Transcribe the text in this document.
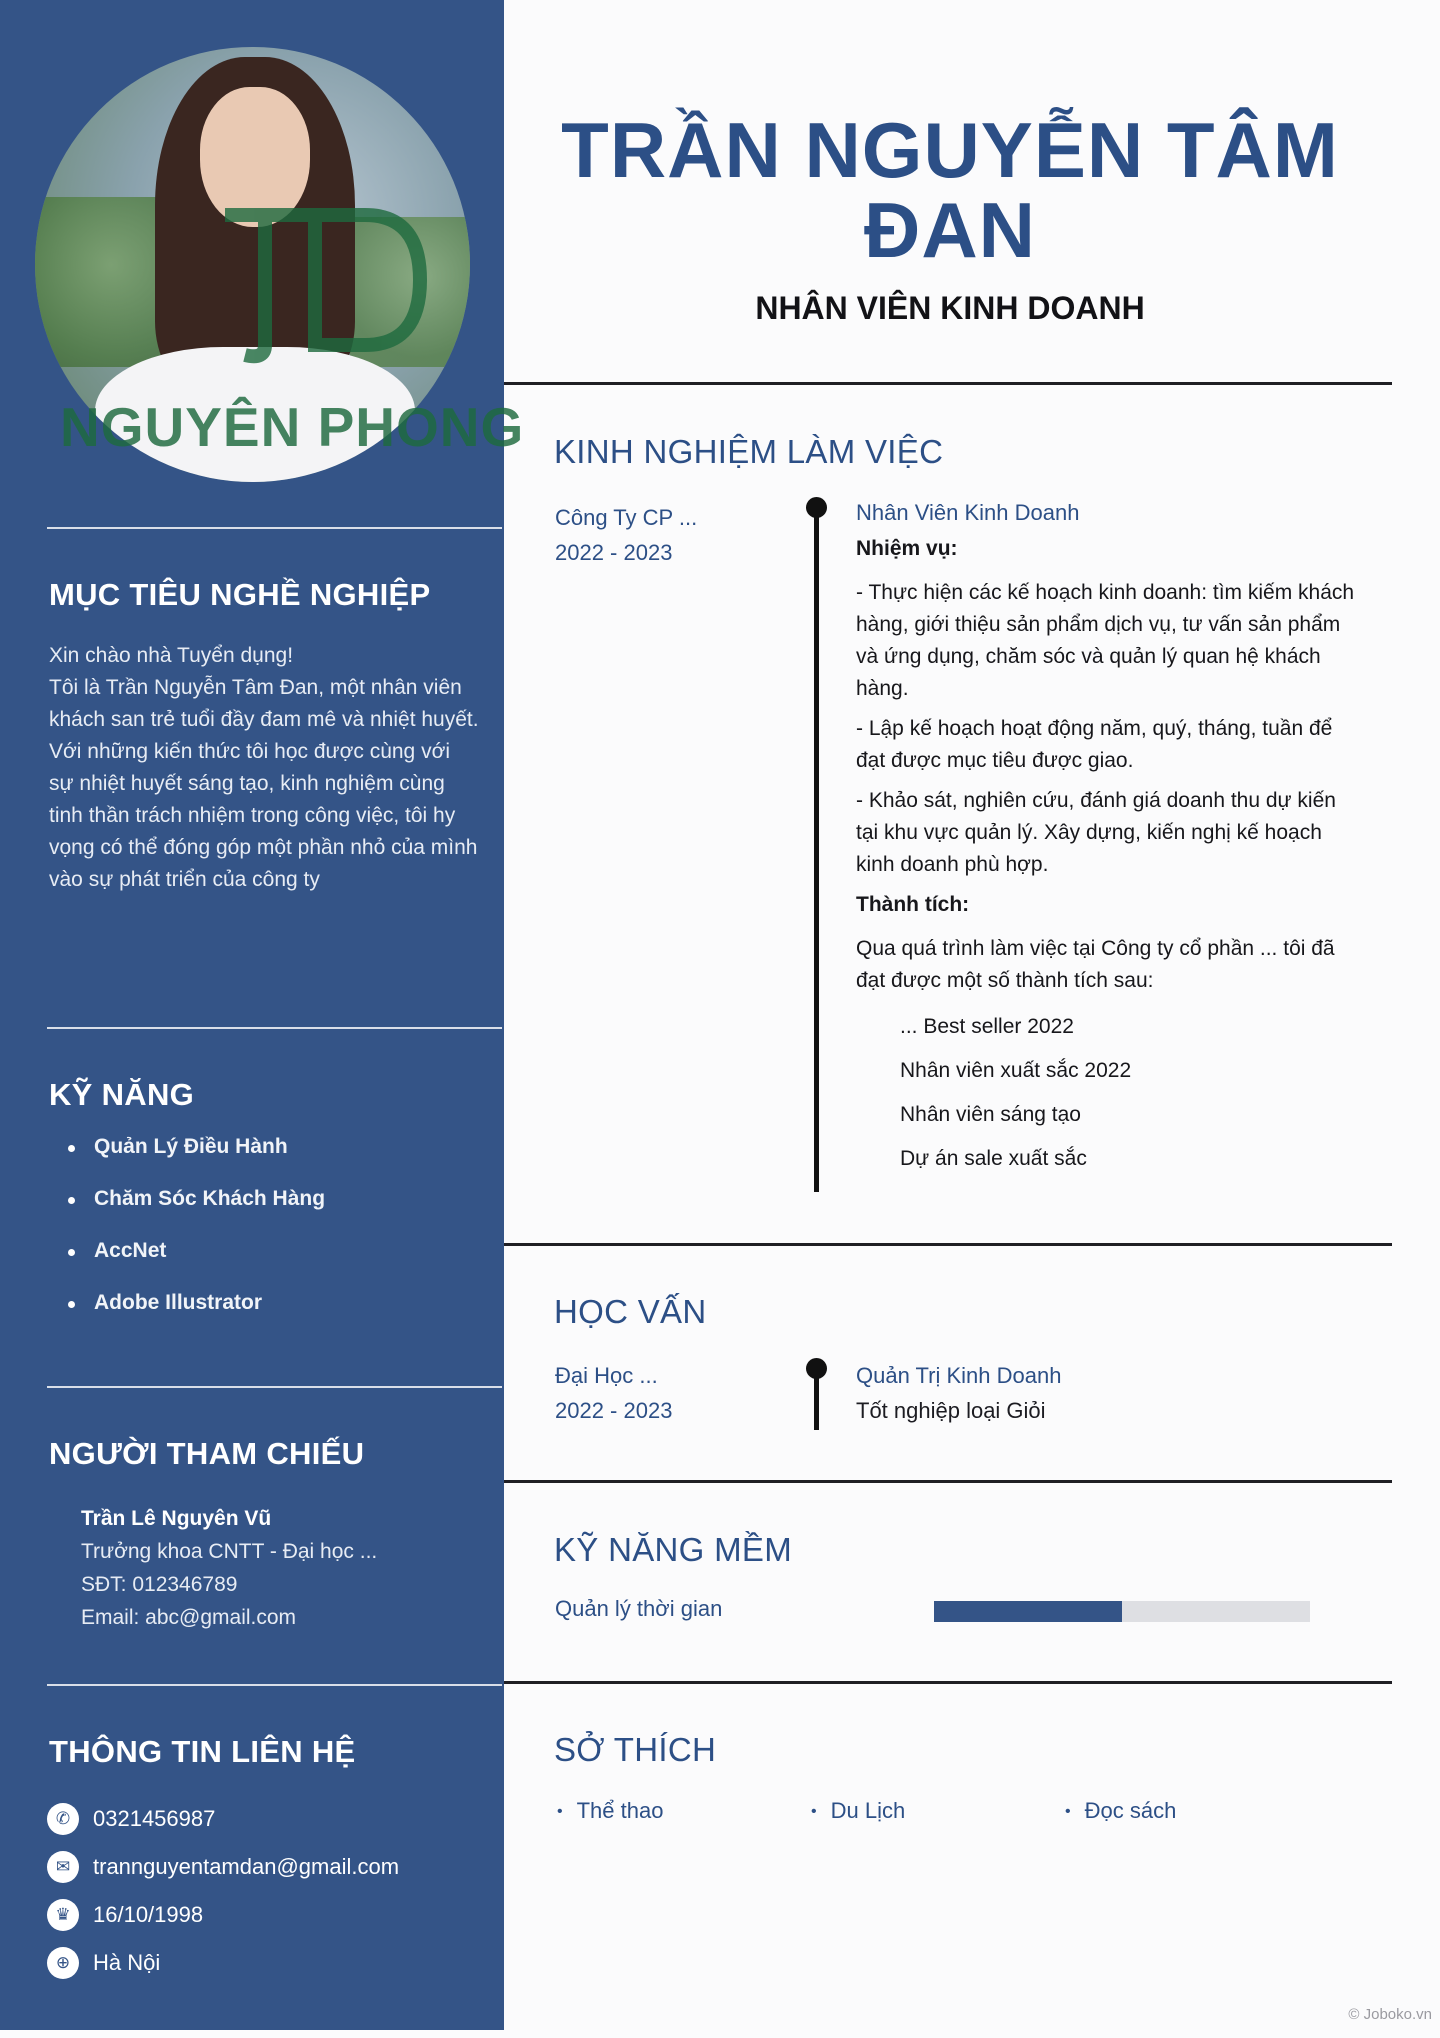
NGUYÊN PHONG
MỤC TIÊU NGHỀ NGHIỆP

Xin chào nhà Tuyển dụng!

Tôi là Trần Nguyễn Tâm Đan, một nhân viên khách san trẻ tuổi đầy đam mê và nhiệt huyết.

Với những kiến thức tôi học được cùng với sự nhiệt huyết sáng tạo, kinh nghiệm cùng tinh thần trách nhiệm trong công việc, tôi hy vọng có thể đóng góp một phần nhỏ của mình vào sự phát triển của công ty

KỸ NĂNG
Quản Lý Điều Hành
Chăm Sóc Khách Hàng
AccNet
Adobe Illustrator
NGƯỜI THAM CHIẾU
Trần Lê Nguyên Vũ
Trưởng khoa CNTT - Đại học ...
SĐT: 012346789
Email: abc@gmail.com
THÔNG TIN LIÊN HỆ
✆	0321456987
✉	trannguyentamdan@gmail.com
♛	16/10/1998
⊕	Hà Nội
TRẦN NGUYỄN TÂM ĐAN
NHÂN VIÊN KINH DOANH
KINH NGHIỆM LÀM VIỆC
Công Ty CP ...
2022 - 2023
Nhân Viên Kinh Doanh
Nhiệm vụ:

- Thực hiện các kế hoạch kinh doanh: tìm kiếm khách hàng, giới thiệu sản phẩm dịch vụ, tư vấn sản phẩm và ứng dụng, chăm sóc và quản lý quan hệ khách hàng.

- Lập kế hoạch hoạt động năm, quý, tháng, tuần để đạt được mục tiêu được giao.

- Khảo sát, nghiên cứu, đánh giá doanh thu dự kiến tại khu vực quản lý. Xây dựng, kiến nghị kế hoạch kinh doanh phù hợp.

Thành tích:

Qua quá trình làm việc tại Công ty cổ phần ... tôi đã đạt được một số thành tích sau:

... Best seller 2022
Nhân viên xuất sắc 2022
Nhân viên sáng tạo
Dự án sale xuất sắc
HỌC VẤN
Đại Học ...
2022 - 2023
Quản Trị Kinh Doanh
Tốt nghiệp loại Giỏi
KỸ NĂNG MỀM
Quản lý thời gian
SỞ THÍCH
• Thể thao	• Du Lịch	• Đọc sách
© Joboko.vn
